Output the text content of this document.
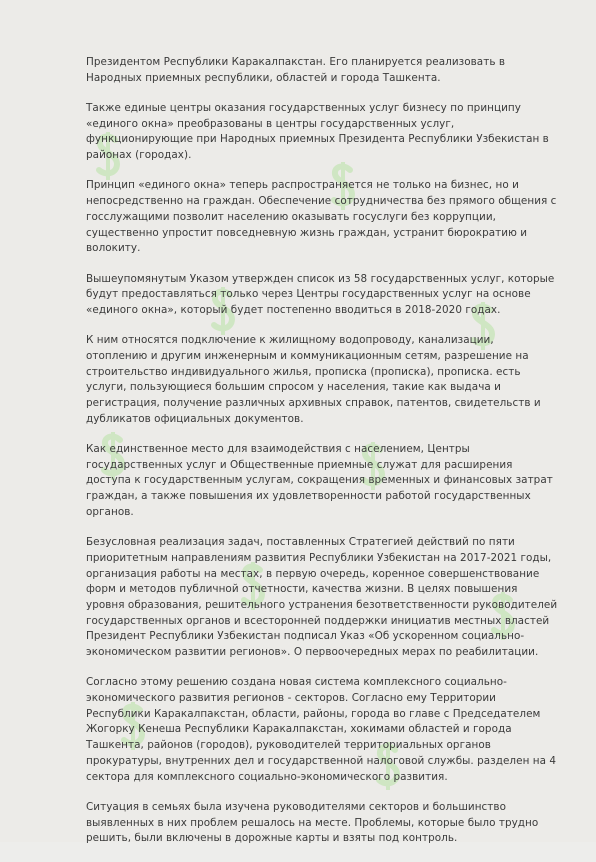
Президентом Республики Каракалпакстан. Его планируется реализовать в Народных приемных республики, областей и города Ташкента.

Также единые центры оказания государственных услуг бизнесу по принципу «единого окна» преобразованы в центры государственных услуг, функционирующие при Народных приемных Президента Республики Узбекистан в районах (городах).

Принцип «единого окна» теперь распространяется не только на бизнес, но и непосредственно на граждан. Обеспечение сотрудничества без прямого общения с госслужащими позволит населению оказывать госуслуги без коррупции, существенно упростит повседневную жизнь граждан, устранит бюрократию и волокиту.

Вышеупомянутым Указом утвержден список из 58 государственных услуг, которые будут предоставляться только через Центры государственных услуг на основе «единого окна», который будет постепенно вводиться в 2018-2020 годах.

К ним относятся подключение к жилищному водопроводу, канализации, отоплению и другим инженерным и коммуникационным сетям, разрешение на строительство индивидуального жилья, прописка (прописка), прописка. есть услуги, пользующиеся большим спросом у населения, такие как выдача и регистрация, получение различных архивных справок, патентов, свидетельств и дубликатов официальных документов.

Как единственное место для взаимодействия с населением, Центры государственных услуг и Общественные приемные служат для расширения доступа к государственным услугам, сокращения временных и финансовых затрат граждан, а также повышения их удовлетворенности работой государственных органов.

Безусловная реализация задач, поставленных Стратегией действий по пяти приоритетным направлениям развития Республики Узбекистан на 2017-2021 годы, организация работы на местах, в первую очередь, коренное совершенствование форм и методов публичной отчетности, качества жизни. В целях повышения уровня образования, решительного устранения безответственности руководителей государственных органов и всесторонней поддержки инициатив местных властей Президент Республики Узбекистан подписал Указ «Об ускоренном социально-экономическом развитии регионов». О первоочередных мерах по реабилитации.

Согласно этому решению создана новая система комплексного социально-экономического развития регионов - секторов. Согласно ему Территории Республики Каракалпакстан, области, районы, города во главе с Председателем Жогорку Кенеша Республики Каракалпакстан, хокимами областей и города Ташкента, районов (городов), руководителей территориальных органов прокуратуры, внутренних дел и государственной налоговой службы. разделен на 4 сектора для комплексного социально-экономического развития.

Ситуация в семьях была изучена руководителями секторов и большинство выявленных в них проблем решалось на месте. Проблемы, которые было трудно решить, были включены в дорожные карты и взяты под контроль.
